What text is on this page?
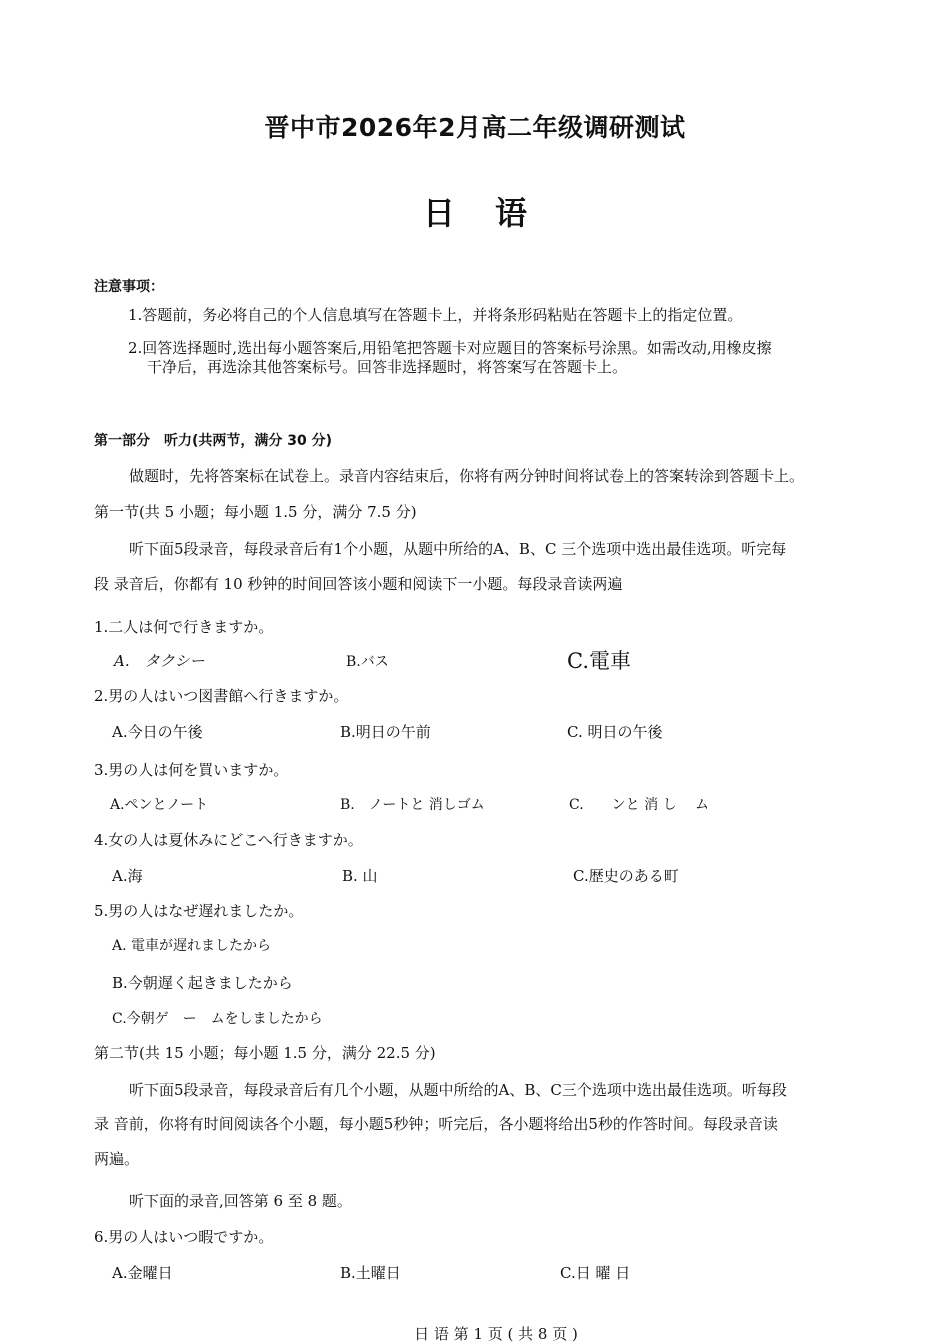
晋中市2026年2月高二年级调研测试
日语
注意事项：
1.答题前，务必将自己的个人信息填写在答题卡上，并将条形码粘贴在答题卡上的指定位置。
2.回答选择题时,选出每小题答案后,用铅笔把答题卡对应题目的答案标号涂黑。如需改动,用橡皮擦
干净后，再选涂其他答案标号。回答非选择题时，将答案写在答题卡上。
第一部分　听力(共两节，满分 30 分)
做题时，先将答案标在试卷上。录音内容结束后，你将有两分钟时间将试卷上的答案转涂到答题卡上。
第一节(共 5 小题；每小题 1.5 分，满分 7.5 分)
听下面5段录音，每段录音后有1个小题，从题中所给的A、B、C 三个选项中选出最佳选项。听完每
段 录音后，你都有 10 秒钟的时间回答该小题和阅读下一小题。每段录音读两遍
1.二人は何で行きますか。
A.　タクシー	B.バス	C.電車
2.男の人はいつ図書館へ行きますか。
A.今日の午後	B.明日の午前	C. 明日の午後
3.男の人は何を買いますか。
A.ペンとノート	B.　ノートと 消しゴム	C.　　ンと 消 し　 ム
4.女の人は夏休みにどこへ行きますか。
A.海	B. 山	C.歴史のある町
5.男の人はなぜ遅れましたか。
A. 電車が遅れましたから
B.今朝遅く起きましたから
C.今朝ゲ　ー　ムをしましたから
第二节(共 15 小题；每小题 1.5 分，满分 22.5 分)
听下面5段录音，每段录音后有几个小题，从题中所给的A、B、C三个选项中选出最佳选项。听每段
录 音前，你将有时间阅读各个小题，每小题5秒钟；听完后，各小题将给出5秒的作答时间。每段录音读
两遍。
听下面的录音,回答第 6 至 8 题。
6.男の人はいつ暇ですか。
A.金曜日	B.土曜日	C.日 曜 日
日 语 第 1 页 ( 共 8 页 )
